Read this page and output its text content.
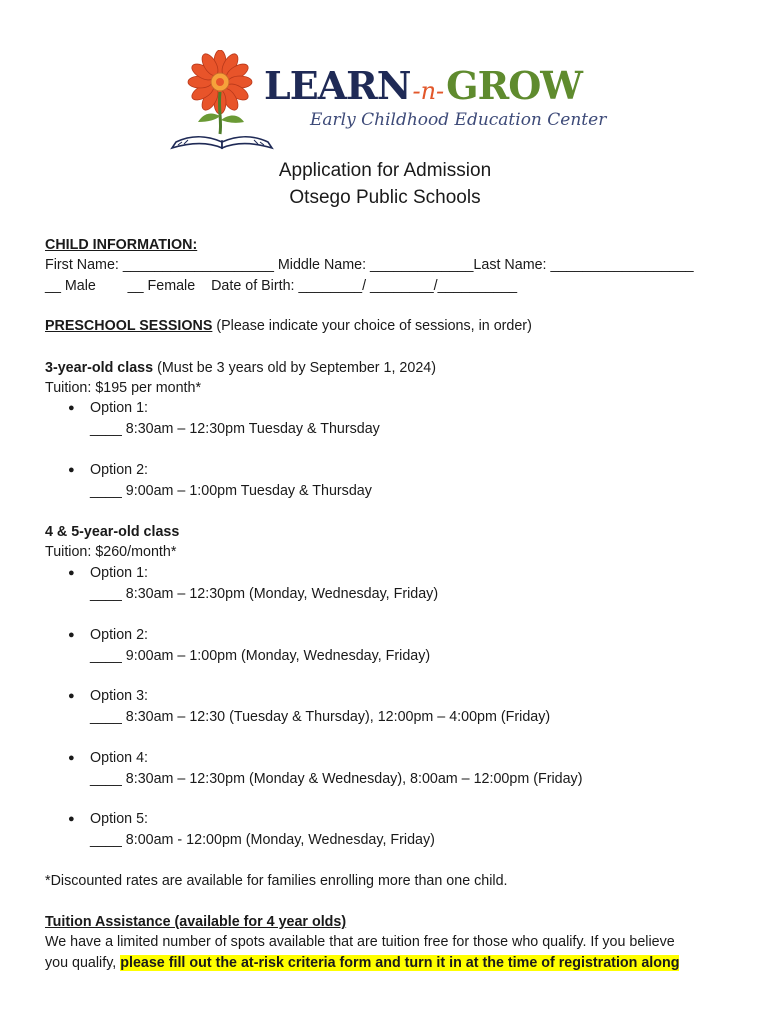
LEARN-n-GROW
Early Childhood Education Center
Application for Admission
Otsego Public Schools
CHILD INFORMATION:
First Name: ___________________ Middle Name: _____________Last Name: __________________
__ Male        __ Female    Date of Birth: ________/ ________/__________
PRESCHOOL SESSIONS (Please indicate your choice of sessions, in order)
3-year-old class (Must be 3 years old by September 1, 2024)
Tuition: $195 per month*
● Option 1:
____ 8:30am – 12:30pm Tuesday & Thursday
● Option 2:
____ 9:00am – 1:00pm Tuesday & Thursday
4 & 5-year-old class
Tuition: $260/month*
● Option 1:
____ 8:30am – 12:30pm (Monday, Wednesday, Friday)
● Option 2:
____ 9:00am – 1:00pm (Monday, Wednesday, Friday)
● Option 3:
____ 8:30am – 12:30 (Tuesday & Thursday), 12:00pm – 4:00pm (Friday)
● Option 4:
____ 8:30am – 12:30pm (Monday & Wednesday), 8:00am – 12:00pm (Friday)
● Option 5:
____ 8:00am - 12:00pm (Monday, Wednesday, Friday)
*Discounted rates are available for families enrolling more than one child.
Tuition Assistance (available for 4 year olds)
We have a limited number of spots available that are tuition free for those who qualify. If you believe
you qualify, please fill out the at-risk criteria form and turn it in at the time of registration along
